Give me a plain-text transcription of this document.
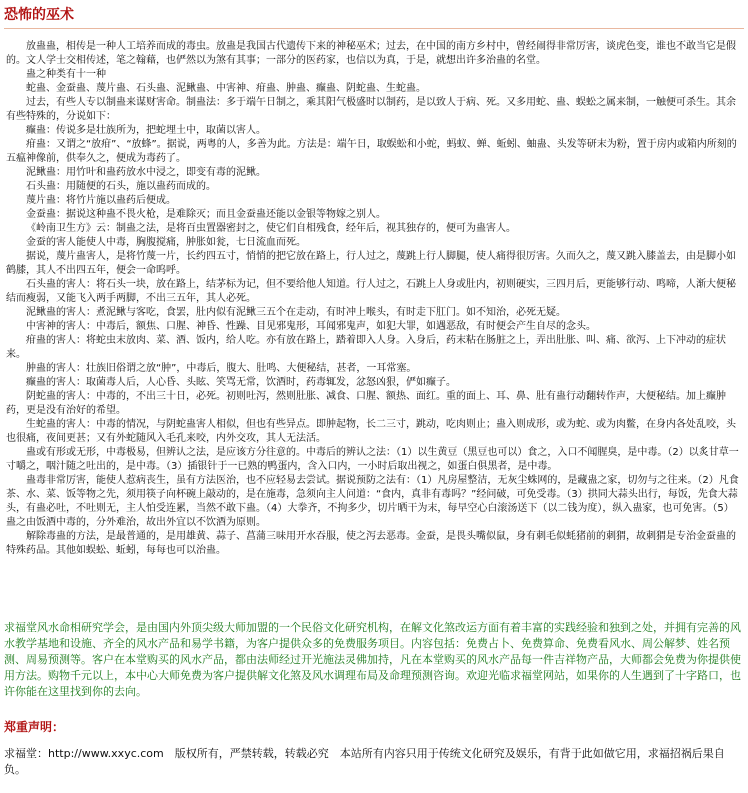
恐怖的巫术

放蛊蛊，相传是一种人工培养而成的毒虫。放蛊是我国古代遗传下来的神秘巫术；过去，在中国的南方乡村中，曾经闹得非常厉害，谈虎色变，谁也不敢当它是假的。文人学士交相传述，笔之翰藉，也俨然以为煞有其事；一部分的医药家，也信以为真，于是，就想出许多治蛊的名堂。

蛊之种类有十一种

蛇蛊、金蚕蛊、蔑片蛊、石头蛊、泥鳅蛊、中害神、疳蛊、肿蛊、癫蛊、阴蛇蛊、生蛇蛊。

过去，有些人专以制蛊来谋财害命。制蛊法：多于端午日制之，乘其阳气极盛时以制药，是以致人于病、死。又多用蛇、蛊、蜈蚣之属来制，一触便可杀生。其余有些特殊的，分说如下：

癫蛊：传说多是壮族所为，把蛇埋土中，取菌以害人。

疳蛊：又谓之“放疳”、“放蜂”。据说，两粤的人，多善为此。方法是：端午日，取蜈蚣和小蛇，蚂蚁、蝉、蚯蚓、蚰蛊、头发等研末为粉，置于房内或箱内所刻的五瘟神像前，供奉久之，便成为毒药了。

泥鳅蛊：用竹叶和蛊药放水中浸之，即变有毒的泥鳅。

石头蛊：用随便的石头，施以蛊药而成的。

蔑片蛊：将竹片施以蛊药后便成。

金蚕蛊：据说这种蛊不畏火枪，是难除灭；而且金蚕蛊还能以金银等物嫁之别人。

《岭南卫生方》云：制蛊之法，是将百虫置器密封之，使它们自相残食，经年后，视其独存的，便可为蛊害人。

金蚕的害人能使人中毒，胸腹搅痛，肿胀如瓮，七日流血而死。

据说，蔑片蛊害人，是将竹蔑一片，长约四五寸，悄悄的把它放在路上，行人过之，蔑跳上行人脚腿，使人痛得很厉害。久而久之，蔑又跳入膝盖去，由是脚小如鹤膝，其人不出四五年，便会一命呜呼。

石头蛊的害人：将石头一块，放在路上，结茅标为记，但不要给他人知道。行人过之，石跳上人身或肚内，初则硬实，三四月后，更能够行动、鸣啼，人渐大便秘结而瘦弱，又能飞入两手两脚，不出三五年，其人必死。

泥鳅蛊的害人：煮泥鳅与客吃，食罢，肚内似有泥鳅三五个在走动，有时冲上喉头，有时走下肛门。如不知治，必死无疑。

中害神的害人：中毒后，额焦、口腥、神昏、性躁、目见邪鬼形，耳闻邪鬼声，如犯大罪，如遇恶敌，有时便会产生自尽的念头。

疳蛊的害人：将蛇虫末放肉、菜、酒、饭内，给人吃。亦有放在路上，踏着即入人身。入身后，药末粘在肠脏之上，弄出肚胀、叫、痛、欲泻、上下冲动的症状来。

肿蛊的害人：壮族旧俗谓之放“肿”，中毒后，腹大、肚鸣、大便秘结，甚者，一耳常塞。

癫蛊的害人：取菌毒人后，人心昏、头眩、笑骂无常，饮酒时，药毒辄发，忿怒凶狠，俨如癫子。

阴蛇蛊的害人：中毒的，不出三十日，必死。初则吐泻，然则肚胀、减食、口腥、额热、面红。重的面上、耳、鼻、肚有蛊行动翻转作声，大便秘结。加上癫肿药，更是没有治好的希望。

生蛇蛊的害人：中毒的情况，与阴蛇蛊害人相似，但也有些异点。即肿起物，长二三寸，跳动，吃肉则止；蛊入则成形，或为蛇、或为肉鳖，在身内各处乱咬，头也很痛，夜间更甚；又有外蛇随风入毛孔来咬，内外交攻，其人无法活。

蛊或有形或无形，中毒极易，但辨认之法，是应该方分往意的。中毒后的辨认之法：（1）以生黄豆（黑豆也可以）食之，入口不闻腥臭，是中毒。（2）以炙甘草一寸嚼之，咽汁随之吐出的，是中毒。（3）插银针于一已熟的鸭蛋内，含入口内，一小时后取出视之，如蛋白俱黑者，是中毒。

蛊毒非常厉害，能使人惹病丧生，虽有方法医治，也不应轻易去尝试。据说预防之法有：（1）凡房屋整洁，无灰尘蛛网的，是藏蛊之家，切勿与之往来。（2）凡食茶、水、菜、饭等物之先，须用筷子向杯碗上敲动的，是在施毒，急须向主人问道：“食内，真非有毒吗？”经问破，可免受毒。（3）拱同大蒜头出行，每饭，先食大蒜头，有蛊必吐，不吐则无，主人怕受连累，当然不敢下蛊。（4）大拳齐，不拘多少，切片晒干为末，每早空心白滚汤送下（以二钱为度），纵入蛊家，也可免害。（5）蛊之由饭酒中毒的，分外难治，故出外宜以不饮酒为原则。

解除毒蛊的方法，是最普通的，是用雄黄、蒜子、菖蒲三味用开水吞服，使之泻去恶毒。金蚕，是畏头嘴似鼠，身有刺毛似蚝猪前的刺猬，故刺猬是专治金蚕蛊的特殊药品。其他如蜈蚣、蚯蚓，每每也可以治蛊。

求福堂风水命相研究学会，是由国内外顶尖级大师加盟的一个民俗文化研究机构，在解文化煞改运方面有着丰富的实践经验和独到之处，并拥有完善的风水教学基地和设施、齐全的风水产品和易学书籍，为客户提供众多的免费服务项目。内容包括：免费占卜、免费算命、免费看风水、周公解梦、姓名预测、周易预测等。客户在本堂购买的风水产品，都由法师经过开光施法灵佛加持，凡在本堂购买的风水产品每一件吉祥物产品，大师都会免费为你提供使用方法。购物千元以上，本中心大师免费为客户提供解文化煞及风水调理布局及命理预测咨询。欢迎光临求福堂网站，如果你的人生遇到了十字路口，也许你能在这里找到你的去向。
郑重声明：
求福堂：http://www.xxyc.com　版权所有，严禁转载，转载必究　本站所有内容只用于传统文化研究及娱乐，有背于此如做它用，求福招祸后果自负。
